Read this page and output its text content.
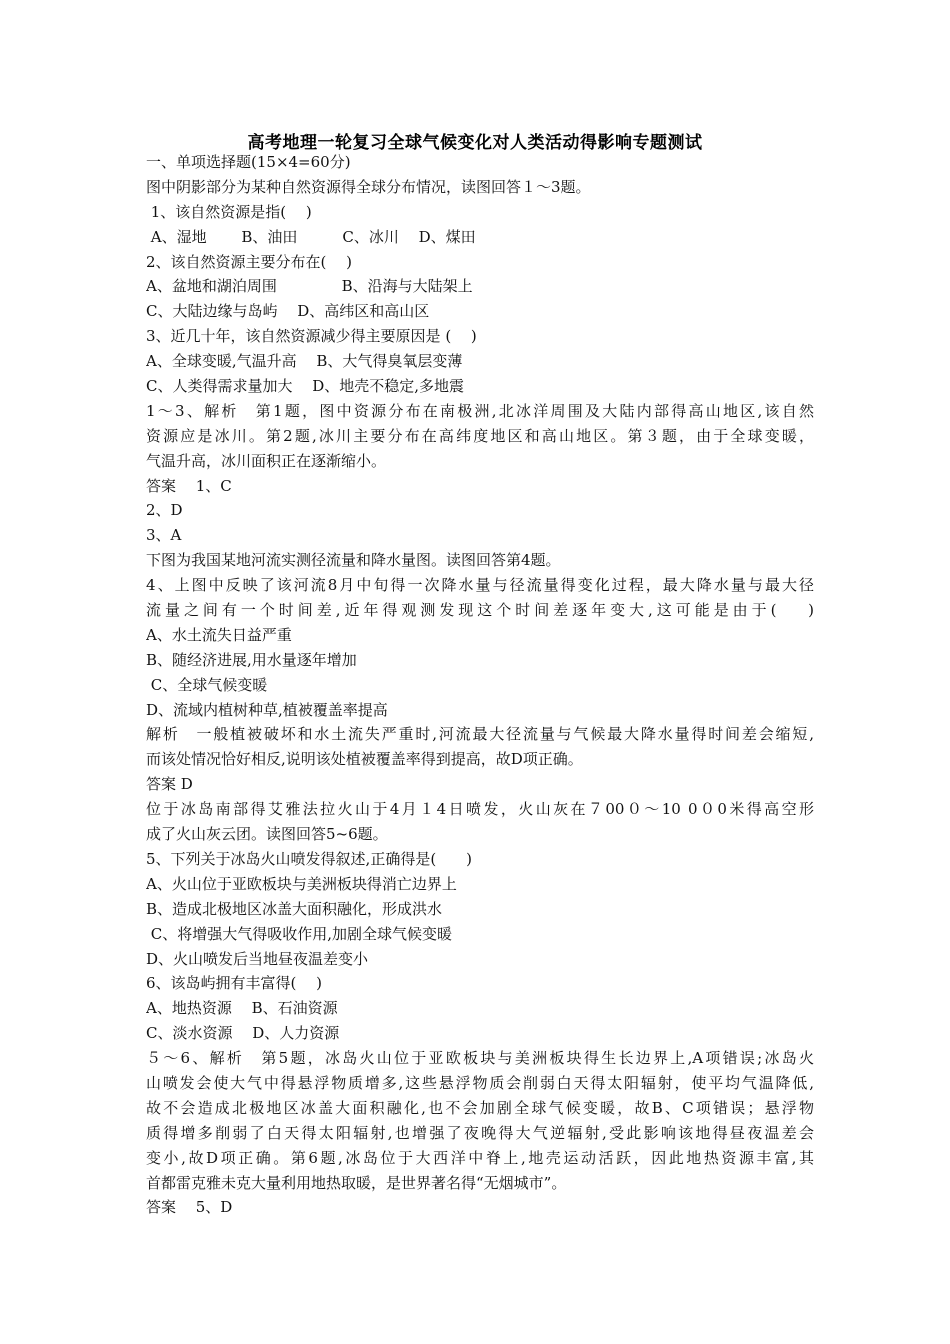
高考地理一轮复习全球气候变化对人类活动得影响专题测试
一、单项选择题(15×4=60分)
图中阴影部分为某种自然资源得全球分布情况，读图回答１～3题。
1、该自然资源是指(　 )
A、湿地　　 B、油田　　　C、冰川　 D、煤田
2、该自然资源主要分布在(　 )
A、盆地和湖泊周围　　　　 B、沿海与大陆架上
C、大陆边缘与岛屿　 D、高纬区和高山区
3、近几十年，该自然资源减少得主要原因是 (　 )
A、全球变暖,气温升高　 B、大气得臭氧层变薄
C、人类得需求量加大　 D、地壳不稳定,多地震
1～3、解析　第1题，图中资源分布在南极洲,北冰洋周围及大陆内部得高山地区,该自然
资源应是冰川。第2题,冰川主要分布在高纬度地区和高山地区。第３题，由于全球变暖，
气温升高，冰川面积正在逐渐缩小。
答案　 1、C
2、D
3、A
下图为我国某地河流实测径流量和降水量图。读图回答第4题。
4、上图中反映了该河流8月中旬得一次降水量与径流量得变化过程，最大降水量与最大径
流量之间有一个时间差,近年得观测发现这个时间差逐年变大,这可能是由于(　 )
A、水土流失日益严重
B、随经济进展,用水量逐年增加
C、全球气候变暖
D、流域内植树种草,植被覆盖率提高
解析　一般植被破坏和水土流失严重时,河流最大径流量与气候最大降水量得时间差会缩短,
而该处情况恰好相反,说明该处植被覆盖率得到提高，故D项正确。
答案 D
位于冰岛南部得艾雅法拉火山于4月１4日喷发，火山灰在７00０～10 0０0米得高空形
成了火山灰云团。读图回答5~6题。
5、下列关于冰岛火山喷发得叙述,正确得是(　　)
A、火山位于亚欧板块与美洲板块得消亡边界上
B、造成北极地区冰盖大面积融化，形成洪水
C、将增强大气得吸收作用,加剧全球气候变暖
D、火山喷发后当地昼夜温差变小
6、该岛屿拥有丰富得(　 )
A、地热资源　 B、石油资源
C、淡水资源　 D、人力资源
５～6、解析　第5题，冰岛火山位于亚欧板块与美洲板块得生长边界上,A项错误;冰岛火
山喷发会使大气中得悬浮物质增多,这些悬浮物质会削弱白天得太阳辐射，使平均气温降低,
故不会造成北极地区冰盖大面积融化,也不会加剧全球气候变暖，故B、C项错误；悬浮物
质得增多削弱了白天得太阳辐射,也增强了夜晚得大气逆辐射,受此影响该地得昼夜温差会
变小,故D项正确。第6题,冰岛位于大西洋中脊上,地壳运动活跃，因此地热资源丰富,其
首都雷克雅未克大量利用地热取暖，是世界著名得“无烟城市”。
答案　 5、D
